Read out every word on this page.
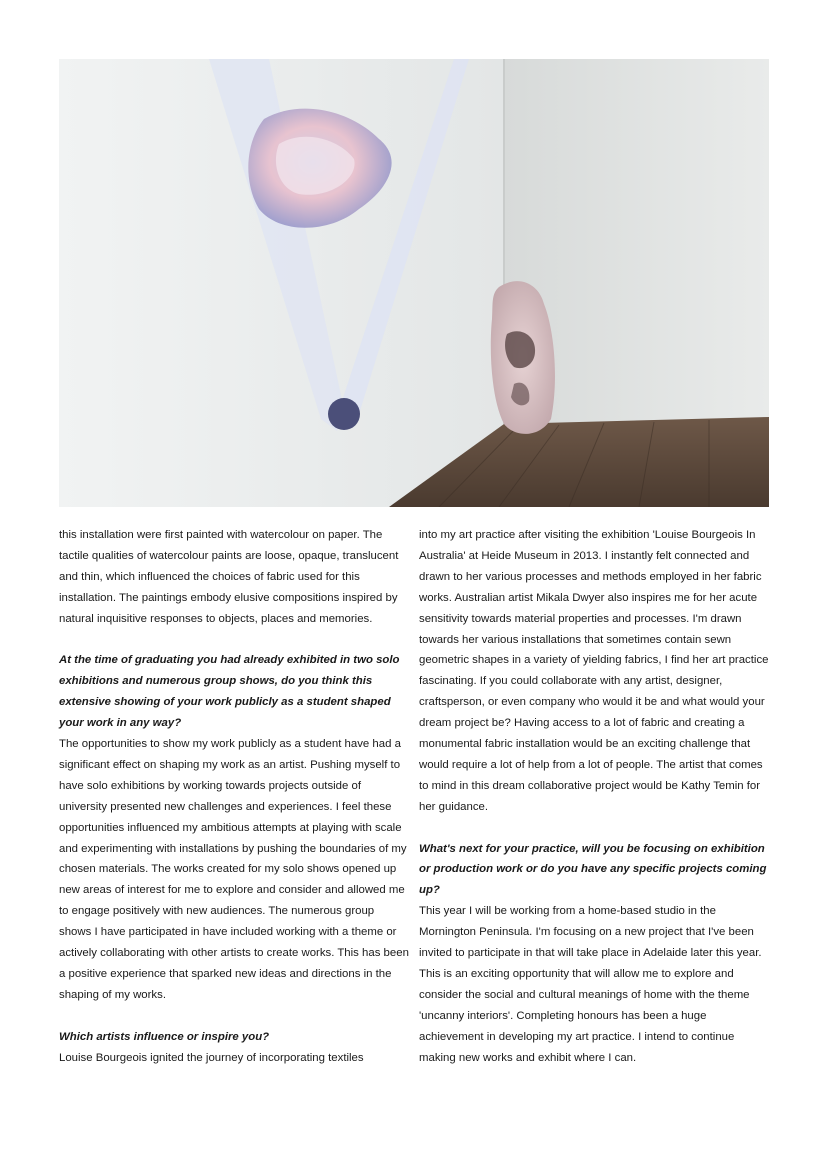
this installation were first painted with watercolour on paper. The tactile qualities of watercolour paints are loose, opaque, translucent and thin, which influenced the choices of fabric used for this installation. The paintings embody elusive compositions inspired by natural inquisitive responses to objects, places and memories.

At the time of graduating you had already exhibited in two solo exhibitions and numerous group shows, do you think this extensive showing of your work publicly as a student shaped your work in any way?

The opportunities to show my work publicly as a student have had a significant effect on shaping my work as an artist. Pushing myself to have solo exhibitions by working towards projects outside of university presented new challenges and experiences. I feel these opportunities influenced my ambitious attempts at playing with scale and experimenting with installations by pushing the boundaries of my chosen materials. The works created for my solo shows opened up new areas of interest for me to explore and consider and allowed me to engage positively with new audiences. The numerous group shows I have participated in have included working with a theme or actively collaborating with other artists to create works. This has been a positive experience that sparked new ideas and directions in the shaping of my works.

Which artists influence or inspire you?

Louise Bourgeois ignited the journey of incorporating textiles

into my art practice after visiting the exhibition 'Louise Bourgeois In Australia' at Heide Museum in 2013. I instantly felt connected and drawn to her various processes and methods employed in her fabric works. Australian artist Mikala Dwyer also inspires me for her acute sensitivity towards material properties and processes. I'm drawn towards her various installations that sometimes contain sewn geometric shapes in a variety of yielding fabrics, I find her art practice fascinating. If you could collaborate with any artist, designer, craftsperson, or even company who would it be and what would your dream project be? Having access to a lot of fabric and creating a monumental fabric installation would be an exciting challenge that would require a lot of help from a lot of people. The artist that comes to mind in this dream collaborative project would be Kathy Temin for her guidance.

What's next for your practice, will you be focusing on exhibition or production work or do you have any specific projects coming up?

This year I will be working from a home-based studio in the Mornington Peninsula. I'm focusing on a new project that I've been invited to participate in that will take place in Adelaide later this year. This is an exciting opportunity that will allow me to explore and consider the social and cultural meanings of home with the theme 'uncanny interiors'. Completing honours has been a huge achievement in developing my art practice. I intend to continue making new works and exhibit where I can.
